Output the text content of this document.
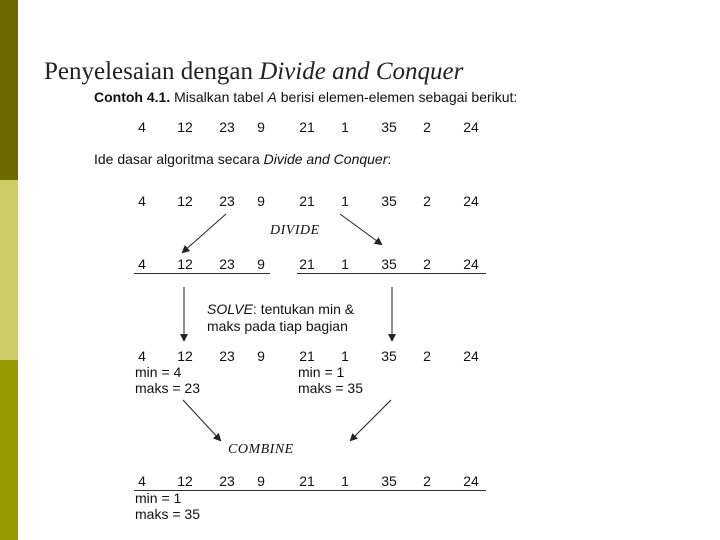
Penyelesaian dengan Divide and Conquer
Contoh 4.1. Misalkan tabel A berisi elemen-elemen sebagai berikut:
Ide dasar algoritma secara Divide and Conquer:
4	12	23	9	21	1	35	2	24
4	12	23	9	21	1	35	2	24
4	12	23	9	21	1	35	2	24
4	12	23	9	21	1	35	2	24
4	12	23	9	21	1	35	2	24
DIVIDE
SOLVE: tentukan min &
maks pada tiap bagian
min = 4
maks = 23
min = 1
maks = 35
COMBINE
min = 1
maks = 35
